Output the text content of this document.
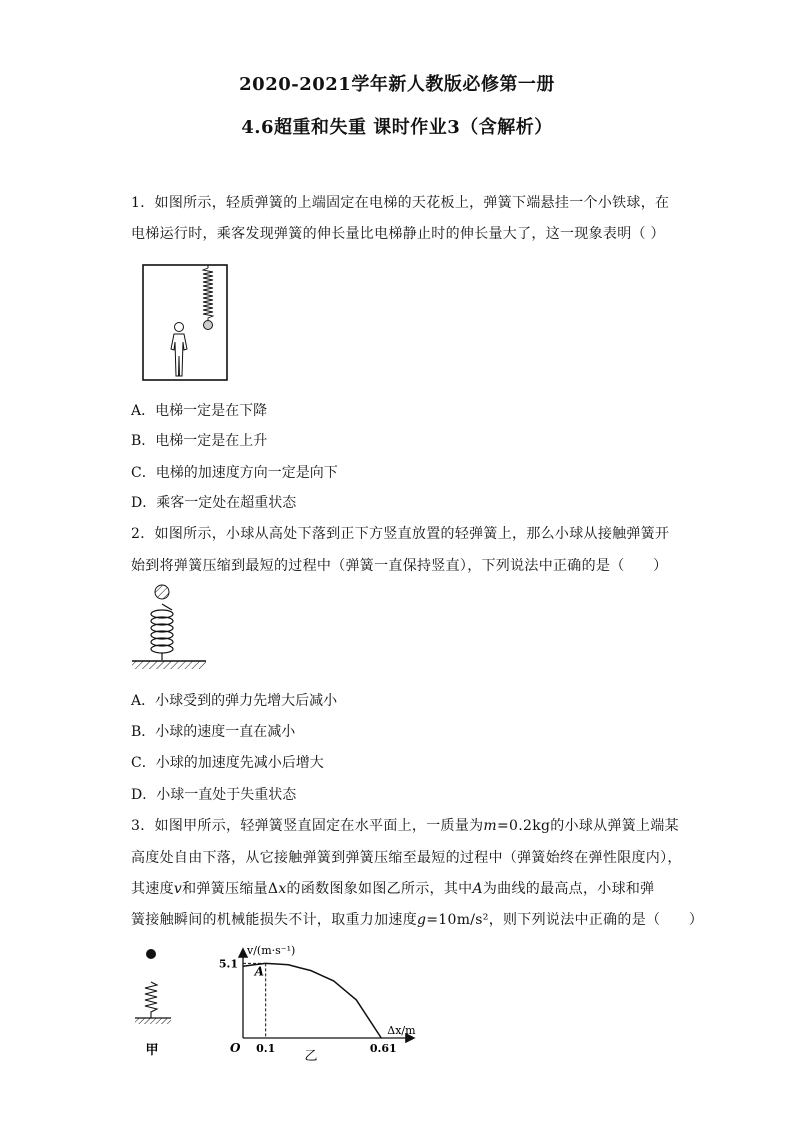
2020-2021学年新人教版必修第一册
4.6超重和失重 课时作业3（含解析）
1．如图所示，轻质弹簧的上端固定在电梯的天花板上，弹簧下端悬挂一个小铁球，在
电梯运行时，乘客发现弹簧的伸长量比电梯静止时的伸长量大了，这一现象表明（ ）
A．电梯一定是在下降
B．电梯一定是在上升
C．电梯的加速度方向一定是向下
D．乘客一定处在超重状态
2．如图所示，小球从高处下落到正下方竖直放置的轻弹簧上，那么小球从接触弹簧开
始到将弹簧压缩到最短的过程中（弹簧一直保持竖直），下列说法中正确的是（　　）
A．小球受到的弹力先增大后减小
B．小球的速度一直在减小
C．小球的加速度先减小后增大
D．小球一直处于失重状态
3．如图甲所示，轻弹簧竖直固定在水平面上，一质量为m=0.2kg的小球从弹簧上端某
高度处自由下落，从它接触弹簧到弹簧压缩至最短的过程中（弹簧始终在弹性限度内），
其速度v和弹簧压缩量Δx的函数图象如图乙所示，其中A为曲线的最高点，小球和弹
簧接触瞬间的机械能损失不计，取重力加速度g=10m/s²，则下列说法中正确的是（　　）
甲
v/(m·s⁻¹)
Δx/m
O
A
5.1
0.1	0.61
乙
